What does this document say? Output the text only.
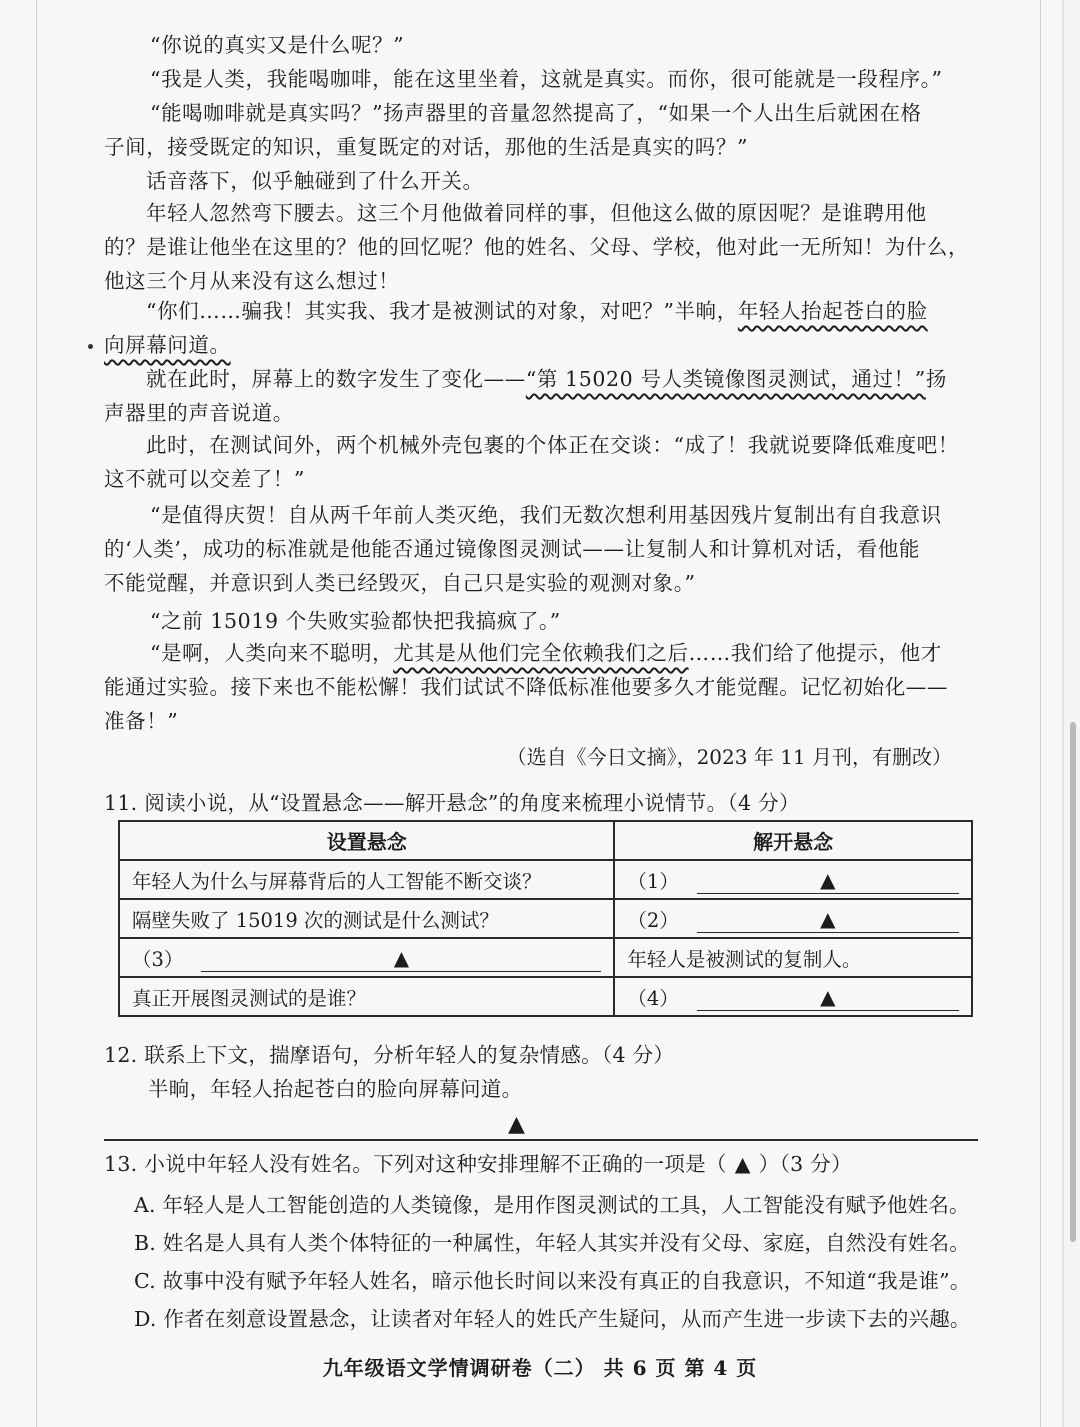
“你说的真实又是什么呢？”
“我是人类，我能喝咖啡，能在这里坐着，这就是真实。而你，很可能就是一段程序。”
“能喝咖啡就是真实吗？”扬声器里的音量忽然提高了，“如果一个人出生后就困在格
子间，接受既定的知识，重复既定的对话，那他的生活是真实的吗？”
话音落下，似乎触碰到了什么开关。
年轻人忽然弯下腰去。这三个月他做着同样的事，但他这么做的原因呢？是谁聘用他
的？是谁让他坐在这里的？他的回忆呢？他的姓名、父母、学校，他对此一无所知！为什么，
他这三个月从来没有这么想过！
“你们……骗我！其实我、我才是被测试的对象，对吧？”半晌，年轻人抬起苍白的脸
向屏幕问道。
就在此时，屏幕上的数字发生了变化——“第 15020 号人类镜像图灵测试，通过！”扬
声器里的声音说道。
此时，在测试间外，两个机械外壳包裹的个体正在交谈：“成了！我就说要降低难度吧！
这不就可以交差了！”
“是值得庆贺！自从两千年前人类灭绝，我们无数次想利用基因残片复制出有自我意识
的‘人类’，成功的标准就是他能否通过镜像图灵测试——让复制人和计算机对话，看他能
不能觉醒，并意识到人类已经毁灭，自己只是实验的观测对象。”
“之前 15019 个失败实验都快把我搞疯了。”
“是啊，人类向来不聪明，尤其是从他们完全依赖我们之后……我们给了他提示，他才
能通过实验。接下来也不能松懈！我们试试不降低标准他要多久才能觉醒。记忆初始化——
准备！”
（选自《今日文摘》，2023 年 11 月刊，有删改）
11. 阅读小说，从“设置悬念——解开悬念”的角度来梳理小说情节。（4 分）
设置悬念	解开悬念
年轻人为什么与屏幕背后的人工智能不断交谈？	（1） ▲

隔壁失败了 15019 次的测试是什么测试？	（2） ▲

（3） ▲	年轻人是被测试的复制人。
真正开展图灵测试的是谁？	（4） ▲
12. 联系上下文，揣摩语句，分析年轻人的复杂情感。（4 分）
半晌，年轻人抬起苍白的脸向屏幕问道。
▲
13. 小说中年轻人没有姓名。下列对这种安排理解不正确的一项是（ ▲ ）（3 分）
A. 年轻人是人工智能创造的人类镜像，是用作图灵测试的工具，人工智能没有赋予他姓名。
B. 姓名是人具有人类个体特征的一种属性，年轻人其实并没有父母、家庭，自然没有姓名。
C. 故事中没有赋予年轻人姓名，暗示他长时间以来没有真正的自我意识，不知道“我是谁”。
D. 作者在刻意设置悬念，让读者对年轻人的姓氏产生疑问，从而产生进一步读下去的兴趣。
九年级语文学情调研卷（二） 共 6 页 第 4 页
